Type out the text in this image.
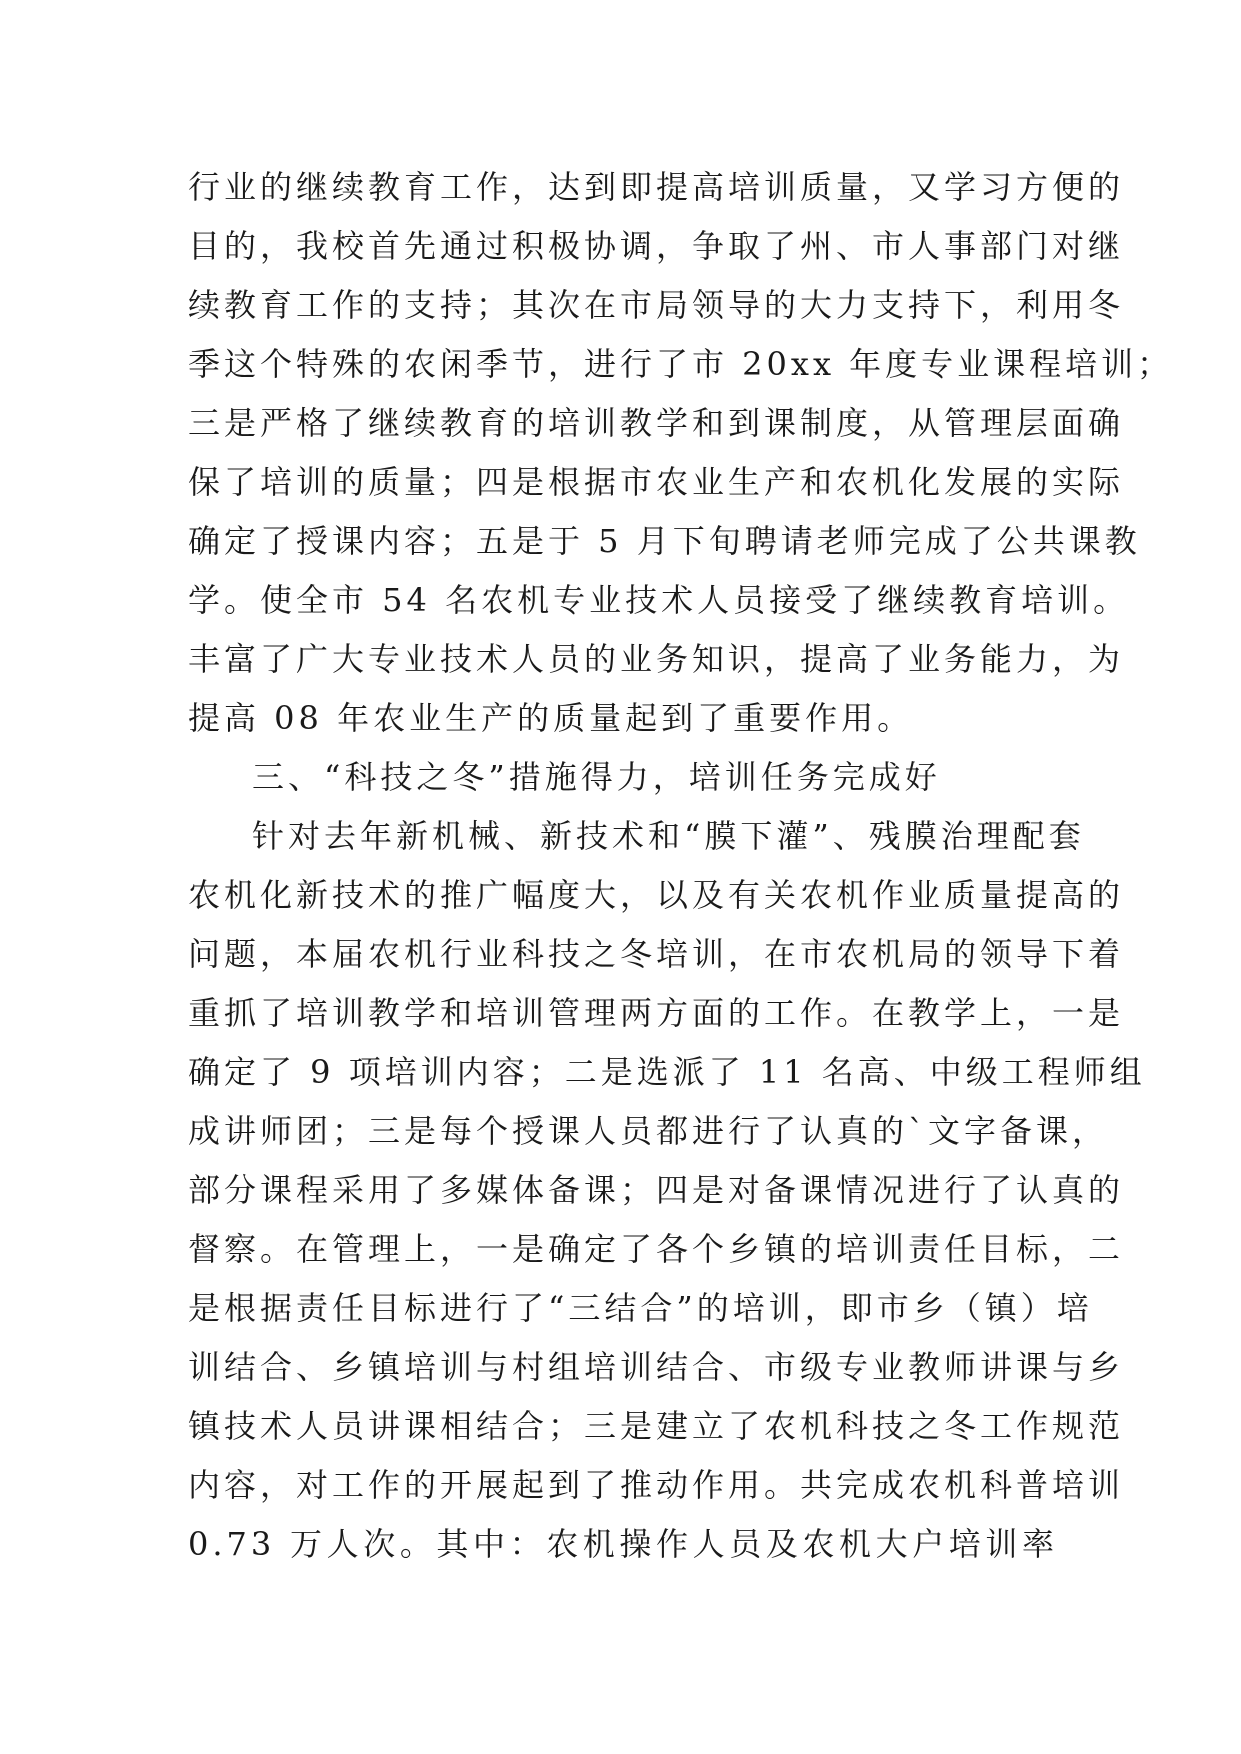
行业的继续教育工作，达到即提高培训质量，又学习方便的
目的，我校首先通过积极协调，争取了州、市人事部门对继
续教育工作的支持；其次在市局领导的大力支持下，利用冬
季这个特殊的农闲季节，进行了市 20xx 年度专业课程培训；
三是严格了继续教育的培训教学和到课制度，从管理层面确
保了培训的质量；四是根据市农业生产和农机化发展的实际
确定了授课内容；五是于 5 月下旬聘请老师完成了公共课教
学。使全市 54 名农机专业技术人员接受了继续教育培训。
丰富了广大专业技术人员的业务知识，提高了业务能力，为
提高 08 年农业生产的质量起到了重要作用。
三、“科技之冬”措施得力，培训任务完成好
针对去年新机械、新技术和“膜下灌”、残膜治理配套
农机化新技术的推广幅度大，以及有关农机作业质量提高的
问题，本届农机行业科技之冬培训，在市农机局的领导下着
重抓了培训教学和培训管理两方面的工作。在教学上，一是
确定了 9 项培训内容；二是选派了 11 名高、中级工程师组
成讲师团；三是每个授课人员都进行了认真的`文字备课，
部分课程采用了多媒体备课；四是对备课情况进行了认真的
督察。在管理上，一是确定了各个乡镇的培训责任目标，二
是根据责任目标进行了“三结合”的培训，即市乡（镇）培
训结合、乡镇培训与村组培训结合、市级专业教师讲课与乡
镇技术人员讲课相结合；三是建立了农机科技之冬工作规范
内容，对工作的开展起到了推动作用。共完成农机科普培训
0.73 万人次。其中：农机操作人员及农机大户培训率
